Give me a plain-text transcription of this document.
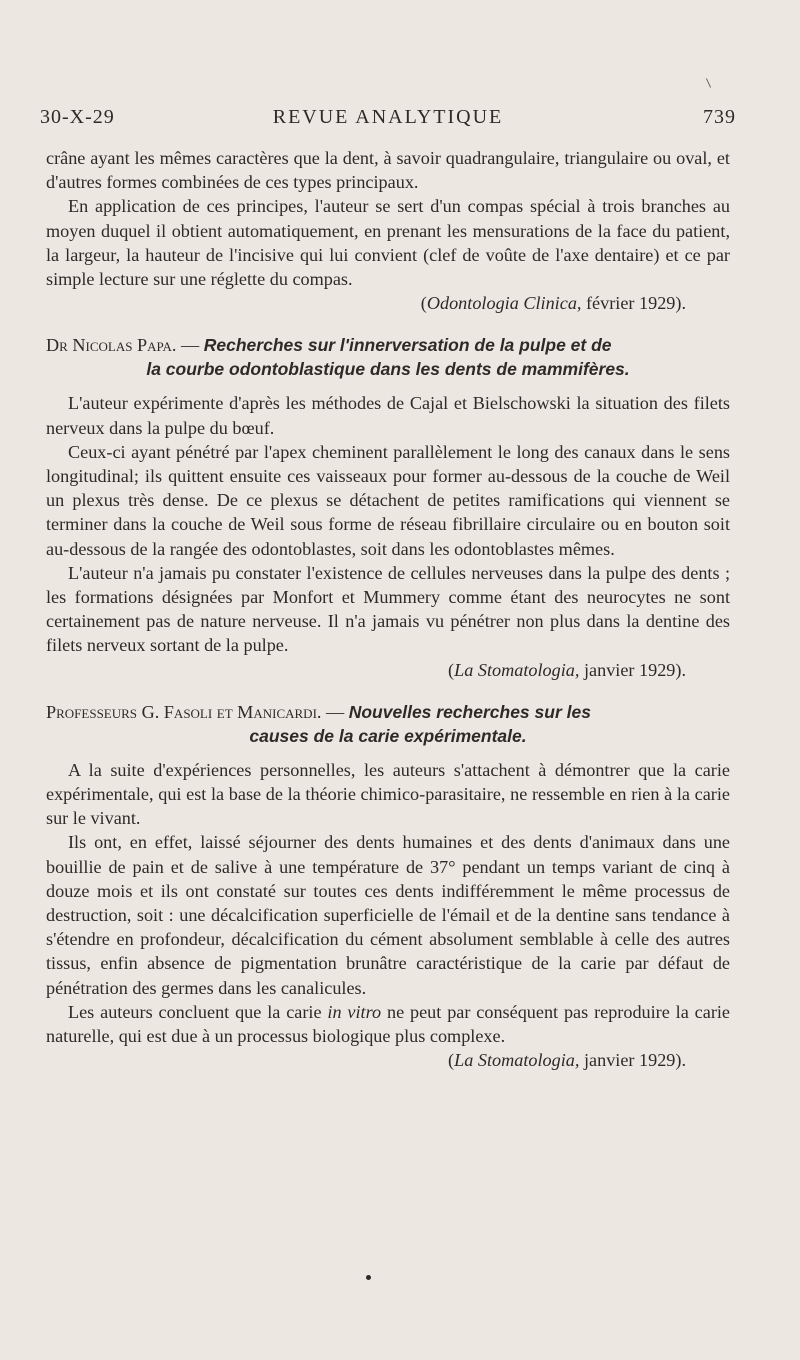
30-X-29	REVUE ANALYTIQUE	739

crâne ayant les mêmes caractères que la dent, à savoir quadrangulaire, triangulaire ou oval, et d'autres formes combinées de ces types principaux.

En application de ces principes, l'auteur se sert d'un compas spécial à trois branches au moyen duquel il obtient automatiquement, en prenant les mensurations de la face du patient, la largeur, la hauteur de l'incisive qui lui convient (clef de voûte de l'axe dentaire) et ce par simple lecture sur une réglette du compas.

(Odontologia Clinica, février 1929).

Dr Nicolas Papa. — Recherches sur l'innerversation de la pulpe et de

la courbe odontoblastique dans les dents de mammifères.

L'auteur expérimente d'après les méthodes de Cajal et Bielschowski la situation des filets nerveux dans la pulpe du bœuf.

Ceux-ci ayant pénétré par l'apex cheminent parallèlement le long des canaux dans le sens longitudinal; ils quittent ensuite ces vaisseaux pour former au-dessous de la couche de Weil un plexus très dense. De ce plexus se détachent de petites ramifications qui viennent se terminer dans la couche de Weil sous forme de réseau fibrillaire circulaire ou en bouton soit au-dessous de la rangée des odontoblastes, soit dans les odontoblastes mêmes.

L'auteur n'a jamais pu constater l'existence de cellules nerveuses dans la pulpe des dents ; les formations désignées par Monfort et Mummery comme étant des neurocytes ne sont certainement pas de nature nerveuse. Il n'a jamais vu pénétrer non plus dans la dentine des filets nerveux sortant de la pulpe.

(La Stomatologia, janvier 1929).

Professeurs G. Fasoli et Manicardi. — Nouvelles recherches sur les

causes de la carie expérimentale.

A la suite d'expériences personnelles, les auteurs s'attachent à démontrer que la carie expérimentale, qui est la base de la théorie chimico-parasitaire, ne ressemble en rien à la carie sur le vivant.

Ils ont, en effet, laissé séjourner des dents humaines et des dents d'animaux dans une bouillie de pain et de salive à une température de 37° pendant un temps variant de cinq à douze mois et ils ont constaté sur toutes ces dents indifféremment le même processus de destruction, soit : une décalcification superficielle de l'émail et de la dentine sans tendance à s'étendre en profondeur, décalcification du cément absolument semblable à celle des autres tissus, enfin absence de pigmentation brunâtre caractéristique de la carie par défaut de pénétration des germes dans les canalicules.

Les auteurs concluent que la carie in vitro ne peut par conséquent pas reproduire la carie naturelle, qui est due à un processus biologique plus complexe.

(La Stomatologia, janvier 1929).
